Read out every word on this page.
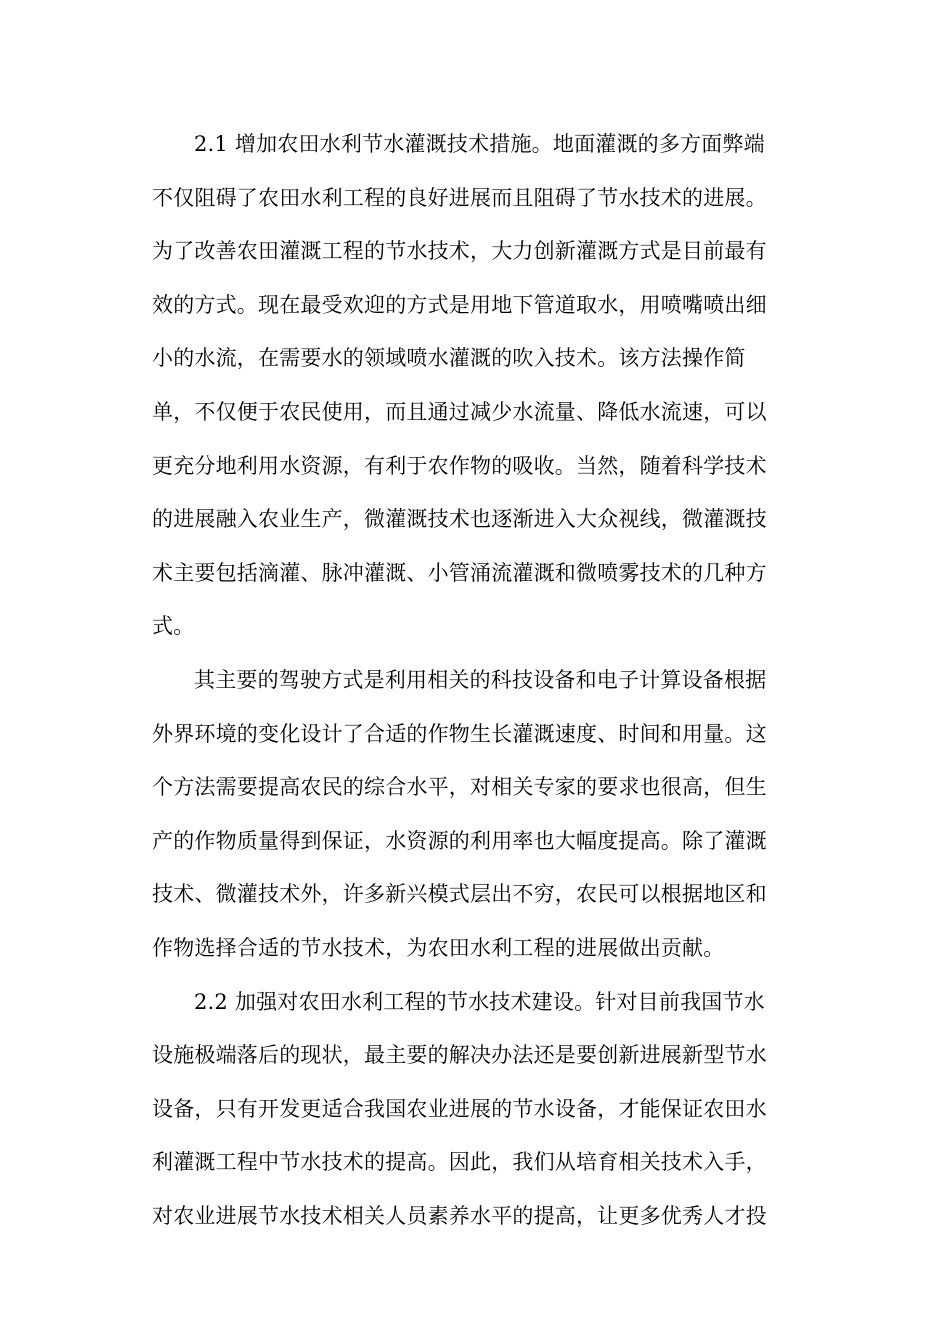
2.1 增加农田水利节水灌溉技术措施。地面灌溉的多方面弊端
不仅阻碍了农田水利工程的良好进展而且阻碍了节水技术的进展。
为了改善农田灌溉工程的节水技术，大力创新灌溉方式是目前最有
效的方式。现在最受欢迎的方式是用地下管道取水，用喷嘴喷出细
小的水流，在需要水的领域喷水灌溉的吹入技术。该方法操作简
单，不仅便于农民使用，而且通过减少水流量、降低水流速，可以
更充分地利用水资源，有利于农作物的吸收。当然，随着科学技术
的进展融入农业生产，微灌溉技术也逐渐进入大众视线，微灌溉技
术主要包括滴灌、脉冲灌溉、小管涌流灌溉和微喷雾技术的几种方
式。

其主要的驾驶方式是利用相关的科技设备和电子计算设备根据
外界环境的变化设计了合适的作物生长灌溉速度、时间和用量。这
个方法需要提高农民的综合水平，对相关专家的要求也很高，但生
产的作物质量得到保证，水资源的利用率也大幅度提高。除了灌溉
技术、微灌技术外，许多新兴模式层出不穷，农民可以根据地区和
作物选择合适的节水技术，为农田水利工程的进展做出贡献。

2.2 加强对农田水利工程的节水技术建设。针对目前我国节水
设施极端落后的现状，最主要的解决办法还是要创新进展新型节水
设备，只有开发更适合我国农业进展的节水设备，才能保证农田水
利灌溉工程中节水技术的提高。因此，我们从培育相关技术入手，
对农业进展节水技术相关人员素养水平的提高，让更多优秀人才投
